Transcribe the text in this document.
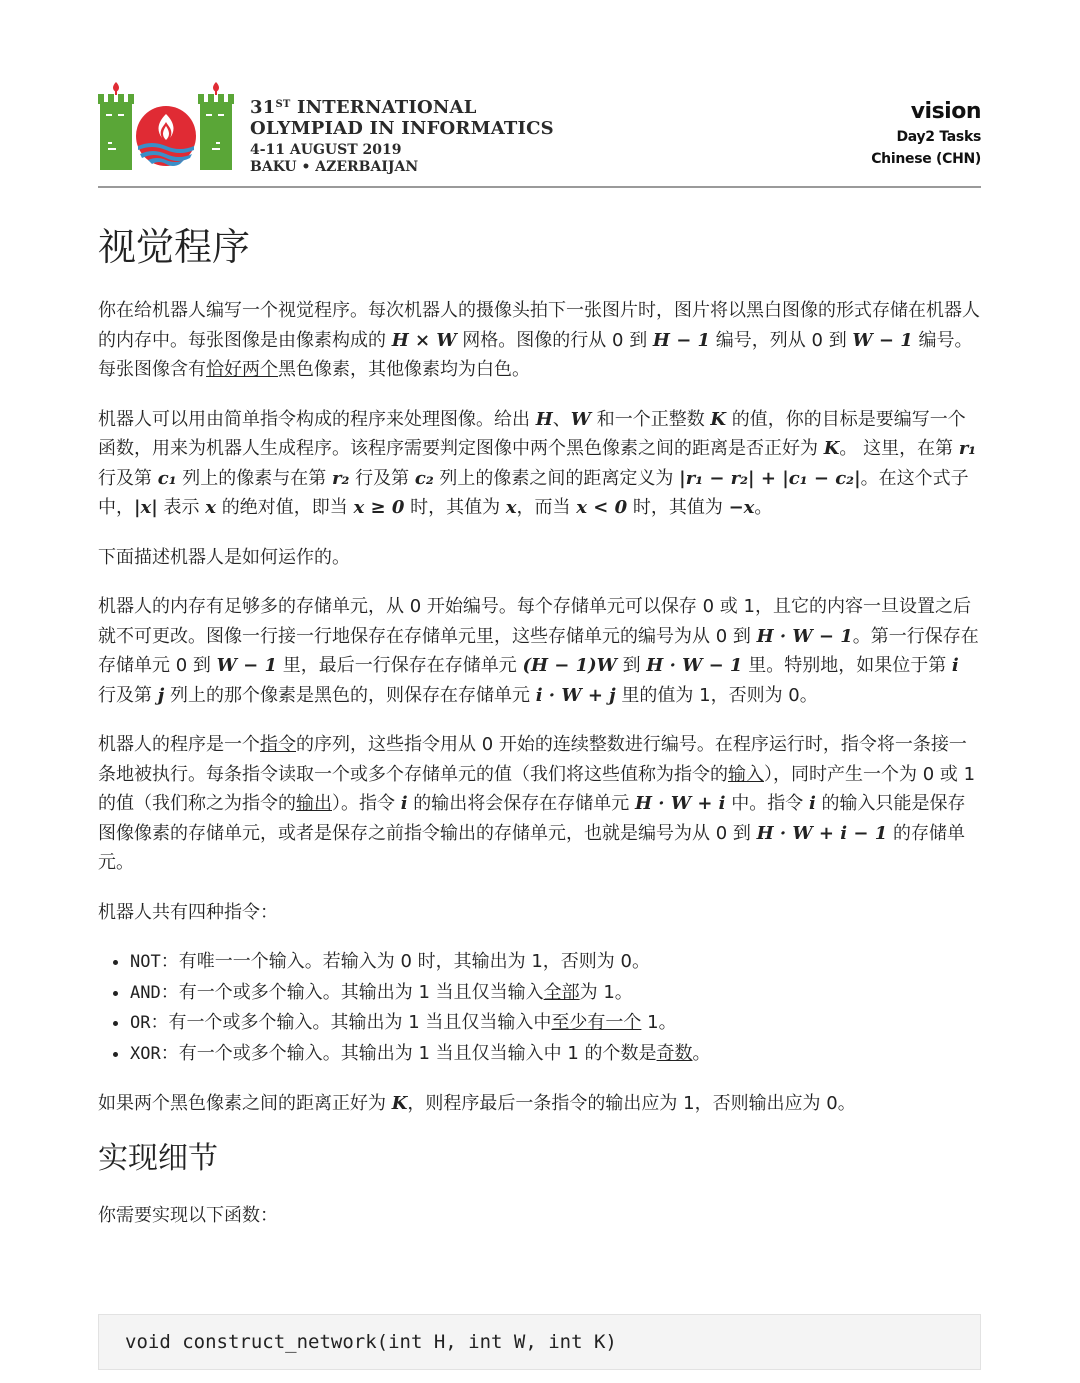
31ST INTERNATIONAL
OLYMPIAD IN INFORMATICS
4-11 AUGUST 2019
BAKU • AZERBAIJAN
vision
Day2 Tasks
Chinese (CHN)
视觉程序

你在给机器人编写一个视觉程序。每次机器人的摄像头拍下一张图片时，图片将以黑白图像的形式存储在机器人的内存中。每张图像是由像素构成的 H × W 网格。图像的行从 0 到 H − 1 编号，列从 0 到 W − 1 编号。每张图像含有恰好两个黑色像素，其他像素均为白色。

机器人可以用由简单指令构成的程序来处理图像。给出 H、W 和一个正整数 K 的值，你的目标是要编写一个函数，用来为机器人生成程序。该程序需要判定图像中两个黑色像素之间的距离是否正好为 K。 这里，在第 r₁ 行及第 c₁ 列上的像素与在第 r₂ 行及第 c₂ 列上的像素之间的距离定义为 |r₁ − r₂| + |c₁ − c₂|。在这个式子中，|x| 表示 x 的绝对值，即当 x ≥ 0 时，其值为 x，而当 x < 0 时，其值为 −x。

下面描述机器人是如何运作的。

机器人的内存有足够多的存储单元，从 0 开始编号。每个存储单元可以保存 0 或 1，且它的内容一旦设置之后就不可更改。图像一行接一行地保存在存储单元里，这些存储单元的编号为从 0 到 H · W − 1。第一行保存在存储单元 0 到 W − 1 里，最后一行保存在存储单元 (H − 1)W 到 H · W − 1 里。特别地，如果位于第 i 行及第 j 列上的那个像素是黑色的，则保存在存储单元 i · W + j 里的值为 1，否则为 0。

机器人的程序是一个指令的序列，这些指令用从 0 开始的连续整数进行编号。在程序运行时，指令将一条接一条地被执行。每条指令读取一个或多个存储单元的值（我们将这些值称为指令的输入），同时产生一个为 0 或 1 的值（我们称之为指令的输出）。指令 i 的输出将会保存在存储单元 H · W + i 中。指令 i 的输入只能是保存图像像素的存储单元，或者是保存之前指令输出的存储单元，也就是编号为从 0 到 H · W + i − 1 的存储单元。

机器人共有四种指令：

• NOT：有唯一一个输入。若输入为 0 时，其输出为 1，否则为 0。
• AND：有一个或多个输入。其输出为 1 当且仅当输入全部为 1。
• OR：有一个或多个输入。其输出为 1 当且仅当输入中至少有一个 1。
• XOR：有一个或多个输入。其输出为 1 当且仅当输入中 1 的个数是奇数。

如果两个黑色像素之间的距离正好为 K，则程序最后一条指令的输出应为 1，否则输出应为 0。

实现细节

你需要实现以下函数：

void construct_network(int H, int W, int K)
